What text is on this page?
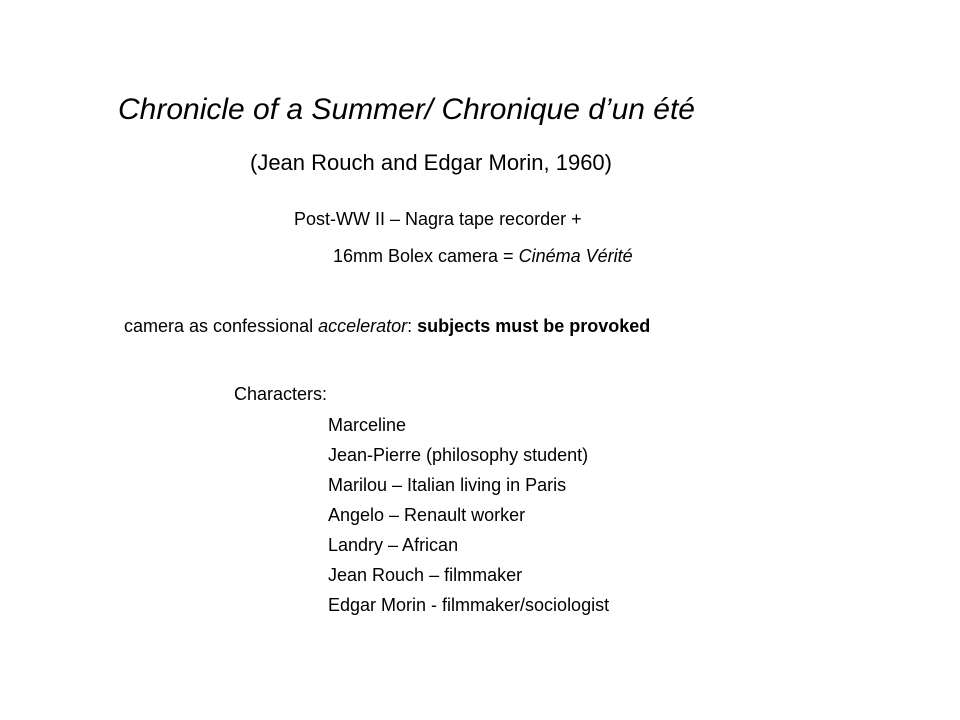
Chronicle of a Summer/ Chronique d’un été
(Jean Rouch and Edgar Morin, 1960)
Post-WW II – Nagra tape recorder +
16mm Bolex camera = Cinéma Vérité
camera as confessional accelerator: subjects must be provoked
Characters:
Marceline
Jean-Pierre (philosophy student)
Marilou – Italian living in Paris
Angelo – Renault worker
Landry – African
Jean Rouch – filmmaker
Edgar Morin - filmmaker/sociologist
